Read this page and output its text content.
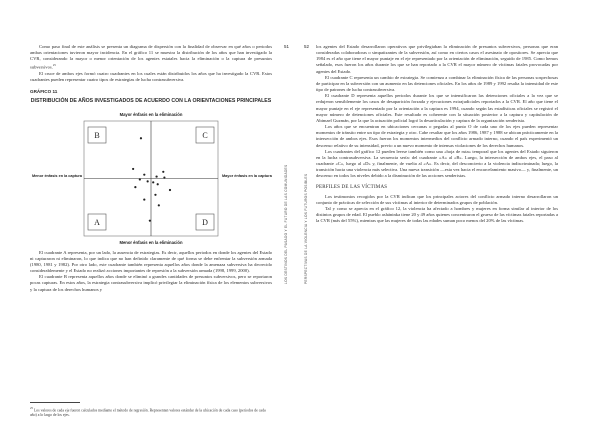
LOS DESTINOS DEL PASADO Y EL FUTURO DE LAS COMUNIDADES
51
PERSPECTIVAS DE LA VIOLENCIA Y LOS FUTUROS POSIBLES
52

Como paso final de este análisis se presenta un diagrama de dispersión con la finalidad de observar en qué años o periodos ambas orientaciones tuvieron mayor incidencia. En el gráfico 11 se muestra la distribución de los años que han investigado la CVR, considerando la mayor o menor orientación de los agentes estatales hacia la eliminación o la captura de presuntos subversivos.$^{25}$

El cruce de ambos ejes formó cuatro cuadrantes en los cuales están distribuidos los años que ha investigado la CVR. Estos cuadrantes pueden representar cuatro tipos de estrategias de lucha contrasubversiva.

GRÁFICO 11

DISTRIBUCIÓN DE AÑOS INVESTIGADOS DE ACUERDO CON LA ORIENTACIONES PRINCIPALES
Mayor énfasis en la eliminación
Menor énfasis en la eliminación
B	C
A	D
Menor énfasis en la captura	Mayor énfasis en la captura

El cuadrante A representa, por un lado, la ausencia de estrategias. Es decir, aquellos periodos en donde los agentes del Estado ni capturaron ni eliminaron, lo que indica que no han definido claramente de qué forma se debe enfrentar la subversión armada (1980, 1981 y 1982). Por otro lado, este cuadrante también representa aquellos años donde la amenaza subversiva ha decrecido considerablemente y el Estado no realizó acciones importantes de represión a la subversión armada (1998, 1999, 2000).

El cuadrante B representa aquellos años donde se eliminó a grandes cantidades de presuntos subversivos, pero se reportaron pocas capturas. En estos años, la estrategia contrasubversiva implicó privilegiar la eliminación física de los elementos subversivos y la captura de los derechos humanos y

$^{25}$ Los valores de cada eje fueron calculados mediante el método de regresión. Representan valores estándar de la ubicación de cada caso (periodos de cada año) a lo largo de los ejes.

los agentes del Estado desarrollaron operativos que privilegiaban la eliminación de presuntos subversivos, personas que eran consideradas colaboradoras o simpatizantes de la subversión, así como en ciertos casos el asesinato de opositores. Se aprecia que 1984 es el año que tiene el mayor puntaje en el eje representado por la orientación de eliminación, seguido de 1985. Como hemos señalado, esos fueron los años durante los que se han reportado a la CVR el mayor número de víctimas fatales provocadas por agentes del Estado.

El cuadrante C representa un cambio de estrategia. Se comienza a combinar la eliminación física de las personas sospechosas de participar en la subversión con un aumento en las detenciones oficiales. En los años de 1989 y 1992 resalta la intensidad de este tipo de patrones de lucha contrasubversiva.

El cuadrante D representa aquellos periodos durante los que se intensificaron las detenciones oficiales a la vez que se redujeron sensiblemente los casos de desaparición forzada y ejecuciones extrajudiciales reportados a la CVR. El año que tiene el mayor puntaje en el eje representado por la orientación a la captura es 1994, cuando según las estadísticas oficiales se registró el mayor número de detenciones oficiales. Este resultado es coherente con la situación posterior a la captura y capitulación de Abimael Guzmán, por la que la actuación policial logró la desarticulación y captura de la organización senderista.

Los años que se encuentran en ubicaciones cercanas o pegadas al punto O de cada uno de los ejes pueden representar momentos de tránsito entre un tipo de estrategia y otro. Cabe resaltar que los años 1986, 1987 y 1988 se ubican prácticamente en la intersección de ambos ejes. Esos fueron los momentos intermedios del conflicto armado interno, cuando el país experimentó un descenso relativo de su intensidad, previo a un nuevo momento de intensas violaciones de los derechos humanos.

Los cuadrantes del gráfico 12 pueden leerse también como una «hoja de ruta» temporal que los agentes del Estado siguieron en la lucha contrasubversiva. La secuencia sería: del cuadrante «A» al «B». Luego, la intersección de ambos ejes, el paso al cuadrante «C», luego al «D» y, finalmente, de vuelta al «A». Es decir, del desconcierto a la violencia indiscriminada; luego, la transición hacia una violencia más selectiva. Una nueva transición —esta vez hacia el encarcelamiento masivo— y, finalmente, un descenso en todos los niveles debido a la disminución de las acciones senderistas.

PERFILES DE LAS VÍCTIMAS

Los testimonios recogidos por la CVR indican que los principales actores del conflicto armado interno desarrollaron un conjunto de prácticas de selección de sus víctimas al interior de determinados grupos de población.

Tal y como se aprecia en el gráfico 12, la violencia ha afectado a hombres y mujeres en forma similar al interior de los distintos grupos de edad. El pueblo asháninka tiene 20 y 49 años quienes concentraron el grueso de las víctimas fatales reportadas a la CVR (más del 55%), mientras que las mujeres de todas las edades suman poco menos del 20% de las víctimas.
